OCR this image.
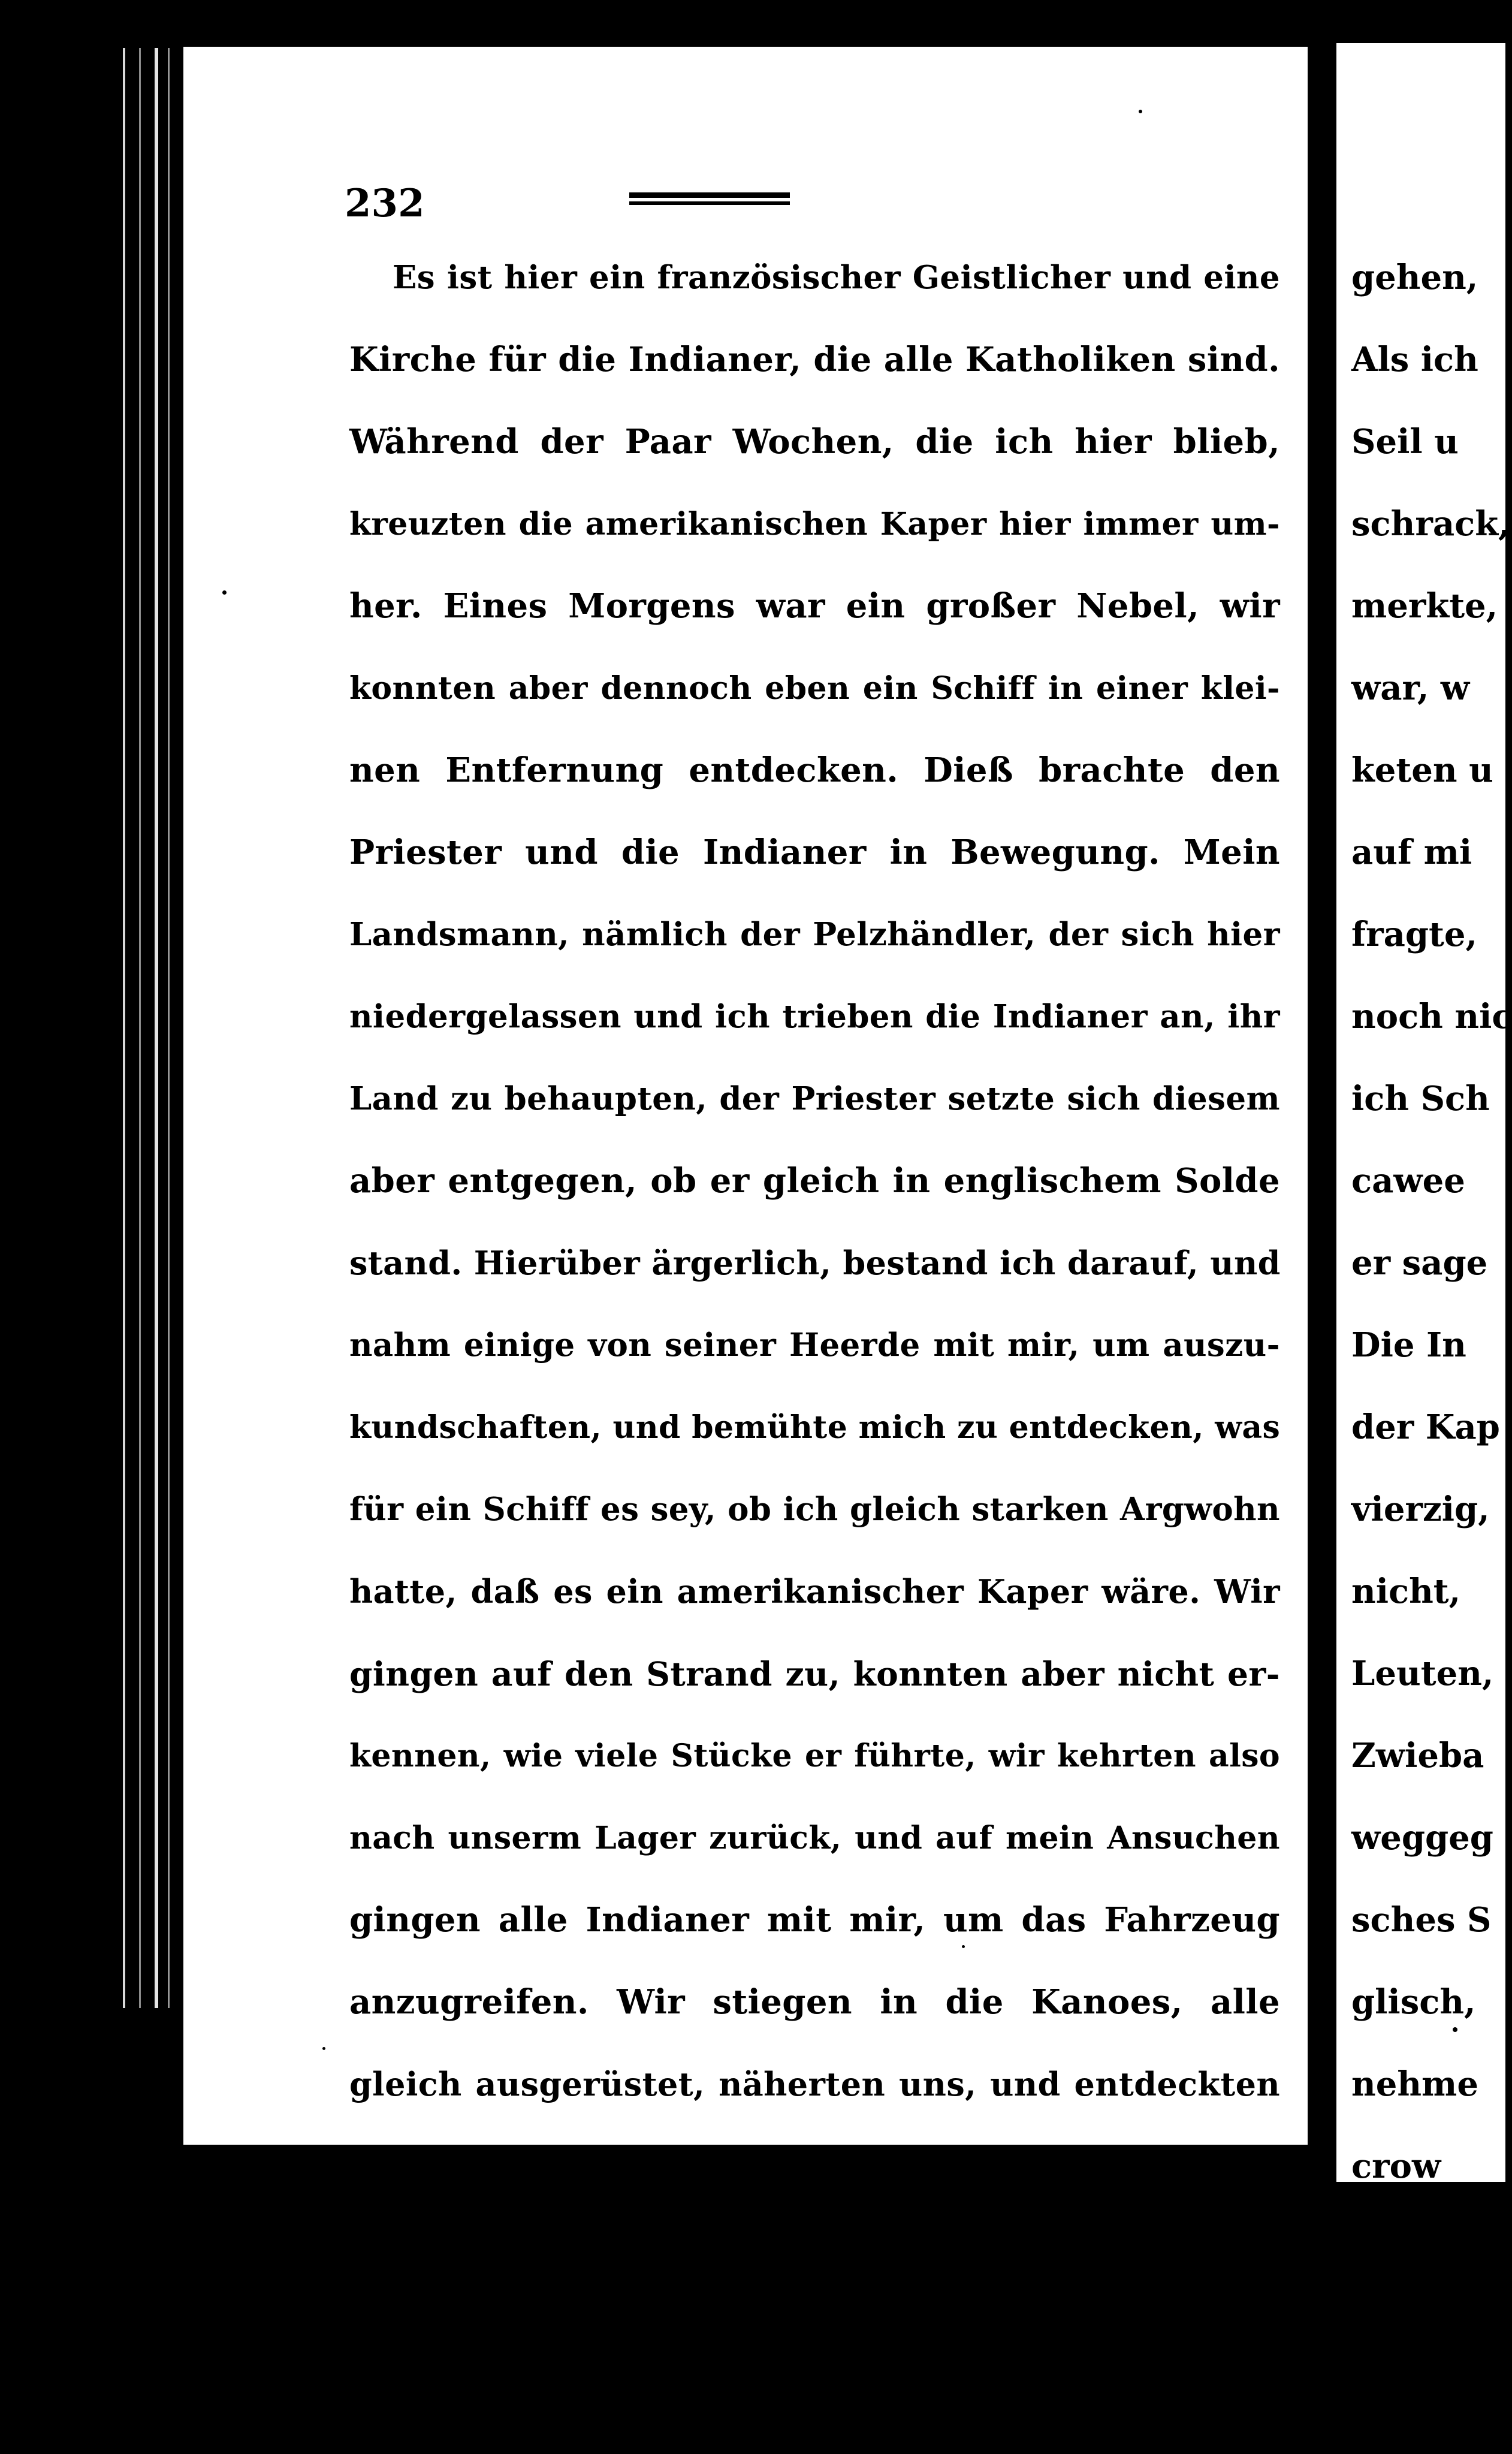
gehen,
Als ich
Seil u
schrack,
merkte,
war, w
keten u
auf mi
fragte,
noch nic
ich Sch
cawee
er sage
Die In
der Kap
vierzig,
nicht,
Leuten,
Zwieba
weggeg
sches S
glisch,
nehme
crow
den Me
lich fro
gangen
232
Es ist hier ein französischer Geistlicher und eine
Kirche für die Indianer, die alle Katholiken sind.
Während der Paar Wochen, die ich hier blieb,
kreuzten die amerikanischen Kaper hier immer um-
her. Eines Morgens war ein großer Nebel, wir
konnten aber dennoch eben ein Schiff in einer klei-
nen Entfernung entdecken. Dieß brachte den
Priester und die Indianer in Bewegung. Mein
Landsmann, nämlich der Pelzhändler, der sich hier
niedergelassen und ich trieben die Indianer an, ihr
Land zu behaupten, der Priester setzte sich diesem
aber entgegen, ob er gleich in englischem Solde
stand. Hierüber ärgerlich, bestand ich darauf, und
nahm einige von seiner Heerde mit mir, um auszu-
kundschaften, und bemühte mich zu entdecken, was
für ein Schiff es sey, ob ich gleich starken Argwohn
hatte, daß es ein amerikanischer Kaper wäre. Wir
gingen auf den Strand zu, konnten aber nicht er-
kennen, wie viele Stücke er führte, wir kehrten also
nach unserm Lager zurück, und auf mein Ansuchen
gingen alle Indianer mit mir, um das Fahrzeug
anzugreifen. Wir stiegen in die Kanoes, alle
gleich ausgerüstet, näherten uns, und entdeckten
nun, daß es vor Anker lag, und ein unbeträcht-
liches Fahrzeug war, das nur ungefähr acht kleine
Drehbassen führte. Ich ging sogleich auf die eine
Seite zu, und ließ die Indianer auf die andre
